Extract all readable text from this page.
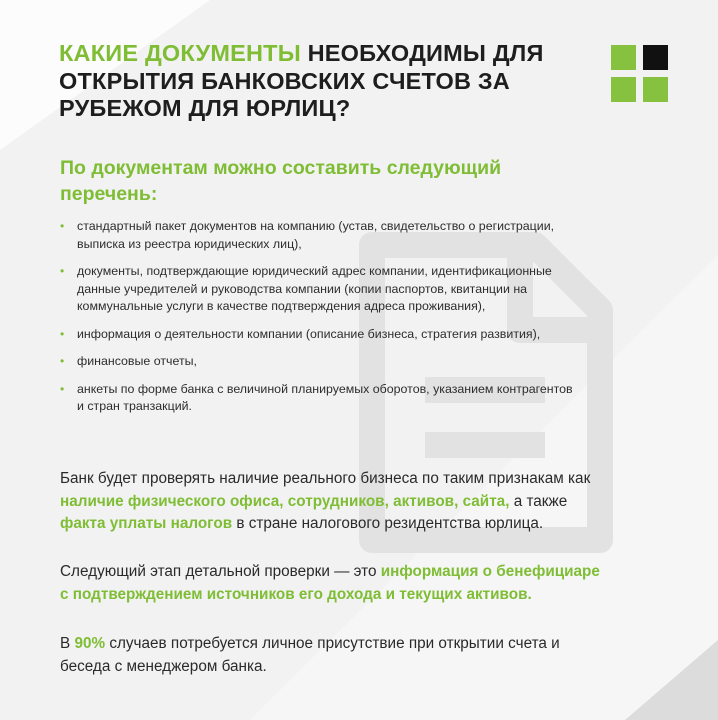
КАКИЕ ДОКУМЕНТЫ НЕОБХОДИМЫ ДЛЯ ОТКРЫТИЯ БАНКОВСКИХ СЧЕТОВ ЗА РУБЕЖОМ ДЛЯ ЮРЛИЦ?
По документам можно составить следующий перечень:
• стандартный пакет документов на компанию (устав, свидетельство о регистрации, выписка из реестра юридических лиц),
• документы, подтверждающие юридический адрес компании, идентификационные данные учредителей и руководства компании (копии паспортов, квитанции на коммунальные услуги в качестве подтверждения адреса проживания),
• информация о деятельности компании (описание бизнеса, стратегия развития),
• финансовые отчеты,
• анкеты по форме банка с величиной планируемых оборотов, указанием контрагентов и стран транзакций.

Банк будет проверять наличие реального бизнеса по таким признакам как наличие физического офиса, сотрудников, активов, сайта, а также факта уплаты налогов в стране налогового резидентства юрлица.

Следующий этап детальной проверки — это информация о бенефициаре с подтверждением источников его дохода и текущих активов.

В 90% случаев потребуется личное присутствие при открытии счета и беседа с менеджером банка.
